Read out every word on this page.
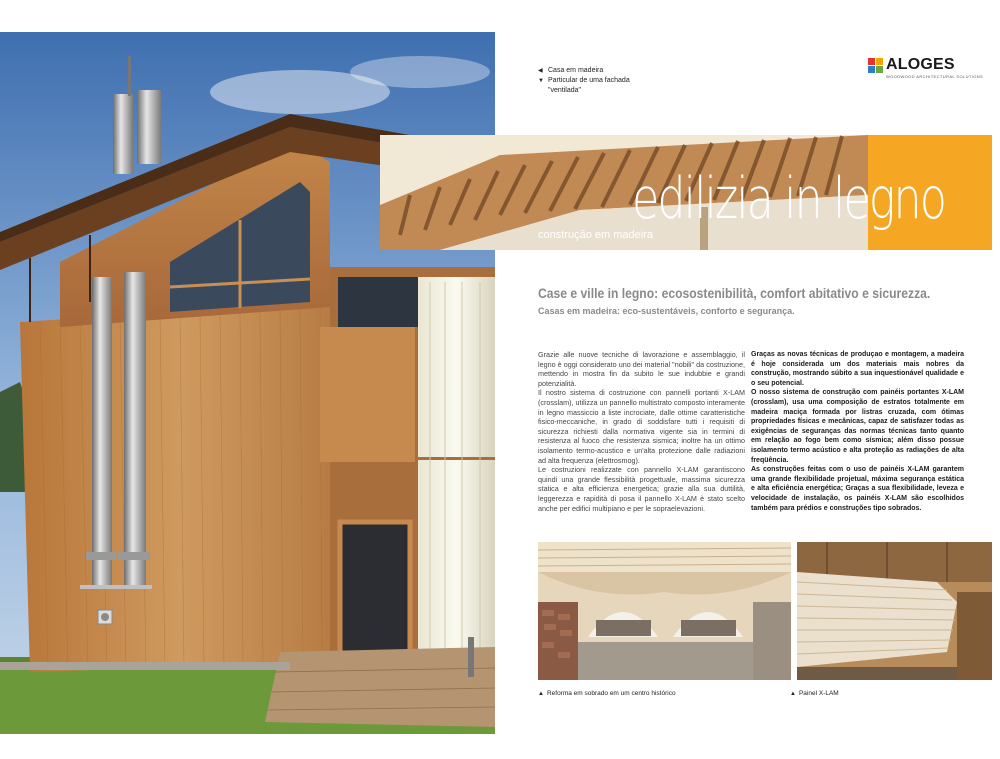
◀ Casa em madeira
▼ Particular de uma fachada
"ventilada"
ALOGES
WOODWOOD ARCHITECTURAL SOLUTIONS
edilizia in legno
construção em madeira
Case e ville in legno: ecosostenibilità, comfort abitativo e sicurezza.
Casas em madeira: eco-sustentáveis, conforto e segurança.

Grazie alle nuove tecniche di lavorazione e assemblaggio, il legno è oggi considerato uno dei material "nobili" da costruzione, mettendo in mostra fin da subito le sue indubbie e grandi potenzialità.

Il nostro sistema di costruzione con pannelli portanti X-LAM (crosslam), utilizza un pannello multistrato composto interamente in legno massiccio a liste incrociate, dalle ottime caratteristiche fisico-meccaniche, in grado di soddisfare tutti i requisiti di sicurezza richiesti dalla normativa vigente sia in termini di resistenza al fuoco che resistenza sismica; inoltre ha un ottimo isolamento termo-acustico e un'alta protezione dalle radiazioni ad alta frequenza (elettrosmog).

Le costruzioni realizzate con pannello X-LAM garantiscono quindi una grande flessibilità progettuale, massima sicurezza statica e alta efficienza energetica; grazie alla sua duttilità, leggerezza e rapidità di posa il pannello X-LAM è stato scelto anche per edifici multipiano e per le sopraelevazioni.

Graças as novas técnicas de produçao e montagem, a madeira é hoje considerada um dos materiais mais nobres da construção, mostrando súbito a sua inquestionável qualidade e o seu potencial.

O nosso sistema de construção com painéis portantes X-LAM (crosslam), usa uma composição de estratos totalmente em madeira maciça formada por listras cruzada, com ótimas propriedades físicas e mecânicas, capaz de satisfazer todas as exigências de seguranças das normas técnicas tanto quanto em relação ao fogo bem como sísmica; além disso possue isolamento termo acústico e alta proteção as radiações de alta freqüência.

As construções feitas com o uso de painéis X-LAM garantem uma grande flexibilidade projetual, máxima segurança estática e alta eficiência energética; Graças a sua flexibilidade, leveza e velocidade de instalação, os painéis X-LAM são escolhidos também para prédios e construções tipo sobrados.

▲ Reforma em sobrado em um centro histórico	▲ Painel X-LAM
